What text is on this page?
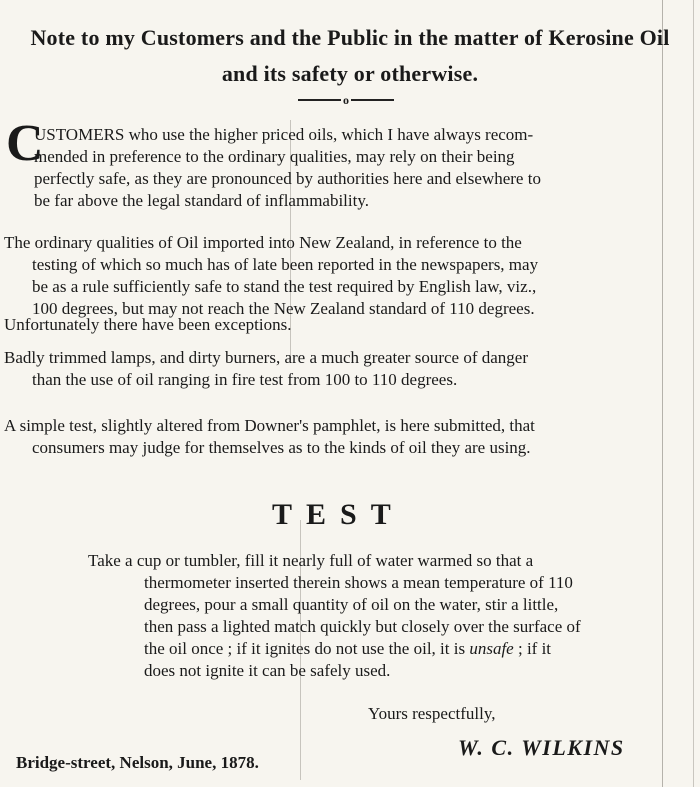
Note to my Customers and the Public in the matter of Kerosine Oil
and its safety or otherwise.
o
C

USTOMERS who use the higher priced oils, which I have always recom-

mended in preference to the ordinary qualities, may rely on their being

perfectly safe, as they are pronounced by authorities here and elsewhere to

be far above the legal standard of inflammability.

The ordinary qualities of Oil imported into New Zealand, in reference to the

testing of which so much has of late been reported in the newspapers, may

be as a rule sufficiently safe to stand the test required by English law, viz.,

100 degrees, but may not reach the New Zealand standard of 110 degrees.

Unfortunately there have been exceptions.

Badly trimmed lamps, and dirty burners, are a much greater source of danger

than the use of oil ranging in fire test from 100 to 110 degrees.

A simple test, slightly altered from Downer's pamphlet, is here submitted, that

consumers may judge for themselves as to the kinds of oil they are using.

TEST

Take a cup or tumbler, fill it nearly full of water warmed so that a

thermometer inserted therein shows a mean temperature of 110

degrees, pour a small quantity of oil on the water, stir a little,

then pass a lighted match quickly but closely over the surface of

the oil once ; if it ignites do not use the oil, it is unsafe ; if it

does not ignite it can be safely used.

Yours respectfully,
W. C. WILKINS
Bridge-street, Nelson, June, 1878.
